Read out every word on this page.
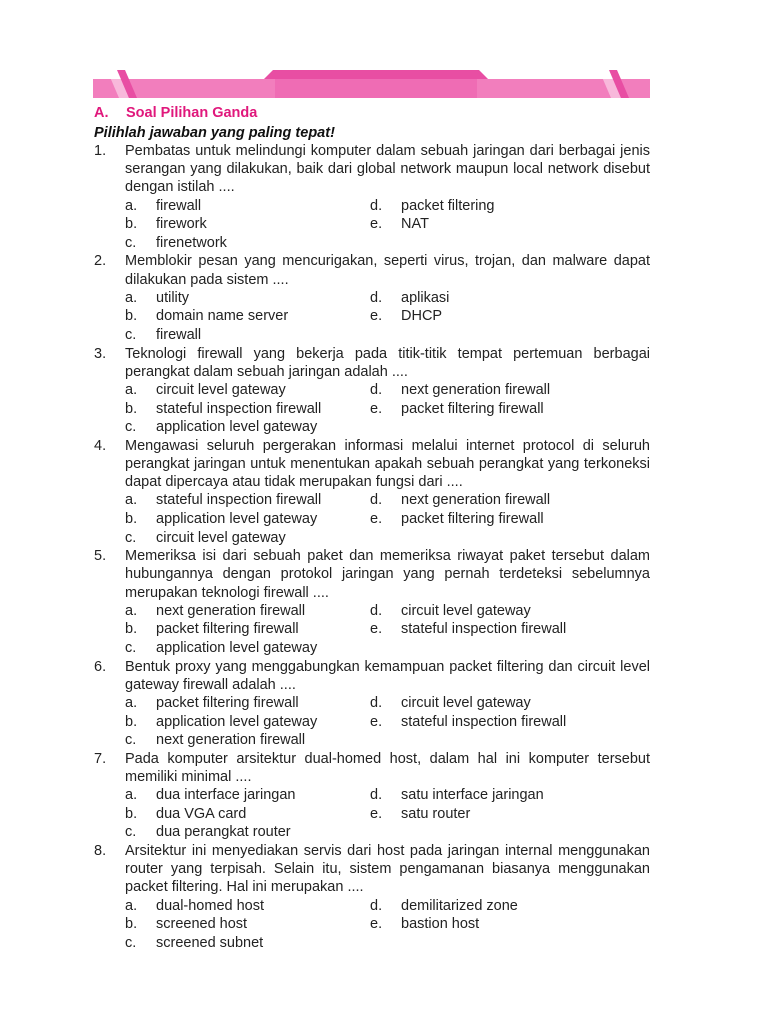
A.	Soal Pilihan Ganda
Pilihlah jawaban yang paling tepat!
1.	Pembatas untuk melindungi komputer dalam sebuah jaringan dari berbagai jenis serangan yang dilakukan, baik dari global network maupun local network disebut dengan istilah ....
a.	firewall	d.	packet filtering
b.	firework	e.	NAT
c.	firenetwork
2.	Memblokir pesan yang mencurigakan, seperti virus, trojan, dan malware dapat dilakukan pada sistem ....
a.	utility	d.	aplikasi
b.	domain name server	e.	DHCP
c.	firewall
3.	Teknologi firewall yang bekerja pada titik-titik tempat pertemuan berbagai perangkat dalam sebuah jaringan adalah ....
a.	circuit level gateway	d.	next generation firewall
b.	stateful inspection firewall	e.	packet filtering firewall
c.	application level gateway
4.	Mengawasi seluruh pergerakan informasi melalui internet protocol di seluruh perangkat jaringan untuk menentukan apakah sebuah perangkat yang terkoneksi dapat dipercaya atau tidak merupakan fungsi dari ....
a.	stateful inspection firewall	d.	next generation firewall
b.	application level gateway	e.	packet filtering firewall
c.	circuit level gateway
5.	Memeriksa isi dari sebuah paket dan memeriksa riwayat paket tersebut dalam hubungannya dengan protokol jaringan yang pernah terdeteksi sebelumnya merupakan teknologi firewall ....
a.	next generation firewall	d.	circuit level gateway
b.	packet filtering firewall	e.	stateful inspection firewall
c.	application level gateway
6.	Bentuk proxy yang menggabungkan kemampuan packet filtering dan circuit level gateway firewall adalah ....
a.	packet filtering firewall	d.	circuit level gateway
b.	application level gateway	e.	stateful inspection firewall
c.	next generation firewall
7.	Pada komputer arsitektur dual-homed host, dalam hal ini komputer tersebut memiliki minimal ....
a.	dua interface jaringan	d.	satu interface jaringan
b.	dua VGA card	e.	satu router
c.	dua perangkat router
8.	Arsitektur ini menyediakan servis dari host pada jaringan internal menggunakan router yang terpisah. Selain itu, sistem pengamanan biasanya menggunakan packet filtering. Hal ini merupakan ....
a.	dual-homed host	d.	demilitarized zone
b.	screened host	e.	bastion host
c.	screened subnet
